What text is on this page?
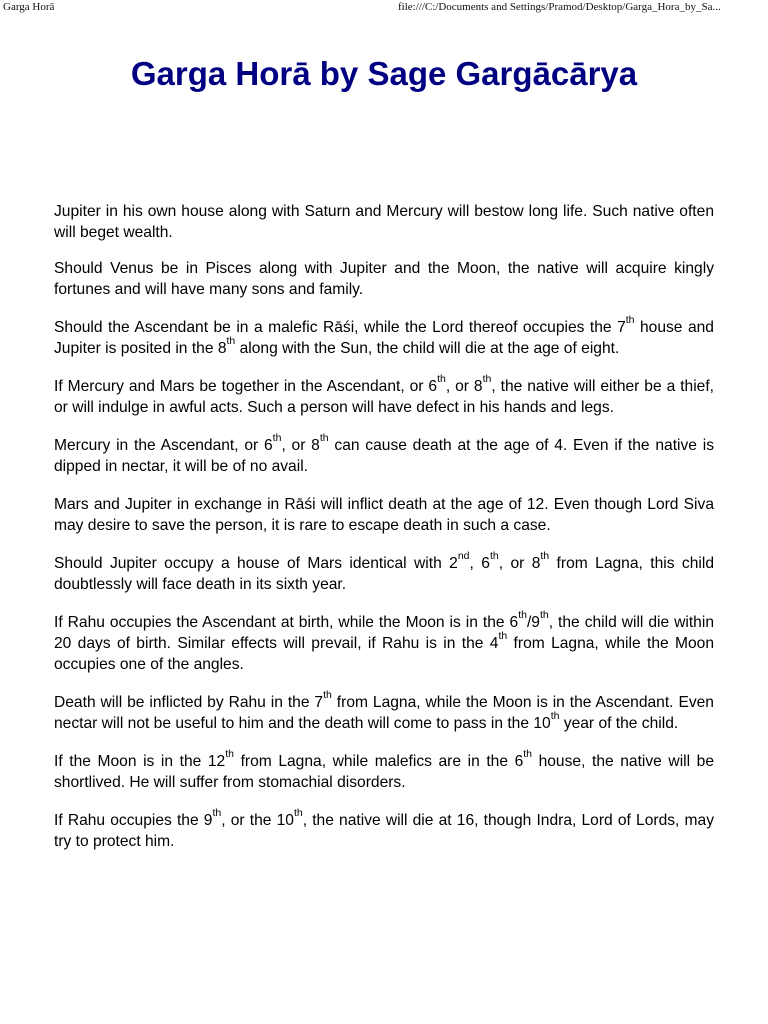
Garga Horā	file:///C:/Documents and Settings/Pramod/Desktop/Garga_Hora_by_Sa...
Garga Horā by Sage Gargācārya

Jupiter in his own house along with Saturn and Mercury will bestow long life. Such native often will beget wealth.

Should Venus be in Pisces along with Jupiter and the Moon, the native will acquire kingly fortunes and will have many sons and family.

Should the Ascendant be in a malefic Rāśi, while the Lord thereof occupies the 7th house and Jupiter is posited in the 8th along with the Sun, the child will die at the age of eight.

If Mercury and Mars be together in the Ascendant, or 6th, or 8th, the native will either be a thief, or will indulge in awful acts. Such a person will have defect in his hands and legs.

Mercury in the Ascendant, or 6th, or 8th can cause death at the age of 4. Even if the native is dipped in nectar, it will be of no avail.

Mars and Jupiter in exchange in Rāśi will inflict death at the age of 12. Even though Lord Siva may desire to save the person, it is rare to escape death in such a case.

Should Jupiter occupy a house of Mars identical with 2nd, 6th, or 8th from Lagna, this child doubtlessly will face death in its sixth year.

If Rahu occupies the Ascendant at birth, while the Moon is in the 6th/9th, the child will die within 20 days of birth. Similar effects will prevail, if Rahu is in the 4th from Lagna, while the Moon occupies one of the angles.

Death will be inflicted by Rahu in the 7th from Lagna, while the Moon is in the Ascendant. Even nectar will not be useful to him and the death will come to pass in the 10th year of the child.

If the Moon is in the 12th from Lagna, while malefics are in the 6th house, the native will be shortlived. He will suffer from stomachial disorders.

If Rahu occupies the 9th, or the 10th, the native will die at 16, though Indra, Lord of Lords, may try to protect him.
